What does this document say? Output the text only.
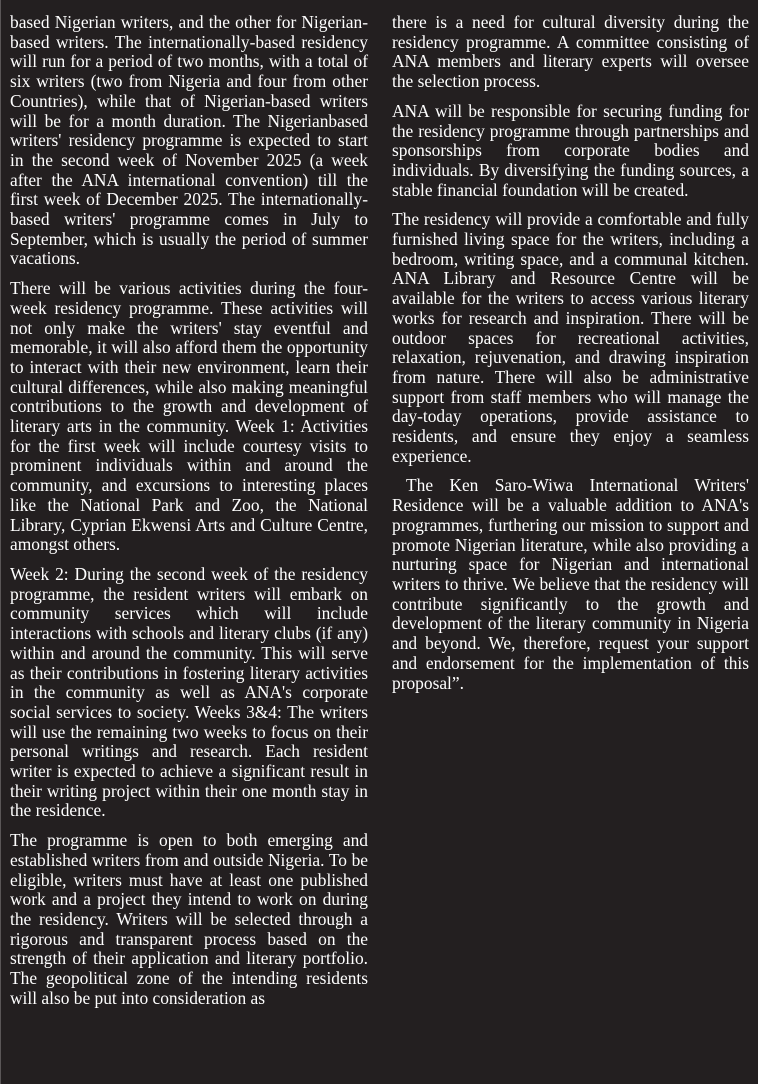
based Nigerian writers, and the other for Nigerian-based writers. The internationally-based residency will run for a period of two months, with a total of six writers (two from Nigeria and four from other Countries), while that of Nigerian-based writers will be for a month duration. The Nigerianbased writers' residency programme is expected to start in the second week of November 2025 (a week after the ANA international convention) till the first week of December 2025. The internationally-based writers' programme comes in July to September, which is usually the period of summer vacations.

There will be various activities during the four-week residency programme. These activities will not only make the writers' stay eventful and memorable, it will also afford them the opportunity to interact with their new environment, learn their cultural differences, while also making meaningful contributions to the growth and development of literary arts in the community. Week 1: Activities for the first week will include courtesy visits to prominent individuals within and around the community, and excursions to interesting places like the National Park and Zoo, the National Library, Cyprian Ekwensi Arts and Culture Centre, amongst others.

Week 2: During the second week of the residency programme, the resident writers will embark on community services which will include interactions with schools and literary clubs (if any) within and around the community. This will serve as their contributions in fostering literary activities in the community as well as ANA's corporate social services to society. Weeks 3&4: The writers will use the remaining two weeks to focus on their personal writings and research. Each resident writer is expected to achieve a significant result in their writing project within their one month stay in the residence.

The programme is open to both emerging and established writers from and outside Nigeria. To be eligible, writers must have at least one published work and a project they intend to work on during the residency. Writers will be selected through a rigorous and transparent process based on the strength of their application and literary portfolio. The geopolitical zone of the intending residents will also be put into consideration as

there is a need for cultural diversity during the residency programme. A committee consisting of ANA members and literary experts will oversee the selection process.

ANA will be responsible for securing funding for the residency programme through partnerships and sponsorships from corporate bodies and individuals. By diversifying the funding sources, a stable financial foundation will be created.

The residency will provide a comfortable and fully furnished living space for the writers, including a bedroom, writing space, and a communal kitchen. ANA Library and Resource Centre will be available for the writers to access various literary works for research and inspiration. There will be outdoor spaces for recreational activities, relaxation, rejuvenation, and drawing inspiration from nature. There will also be administrative support from staff members who will manage the day-today operations, provide assistance to residents, and ensure they enjoy a seamless experience.

The Ken Saro-Wiwa International Writers' Residence will be a valuable addition to ANA's programmes, furthering our mission to support and promote Nigerian literature, while also providing a nurturing space for Nigerian and international writers to thrive. We believe that the residency will contribute significantly to the growth and development of the literary community in Nigeria and beyond. We, therefore, request your support and endorsement for the implementation of this proposal”.
